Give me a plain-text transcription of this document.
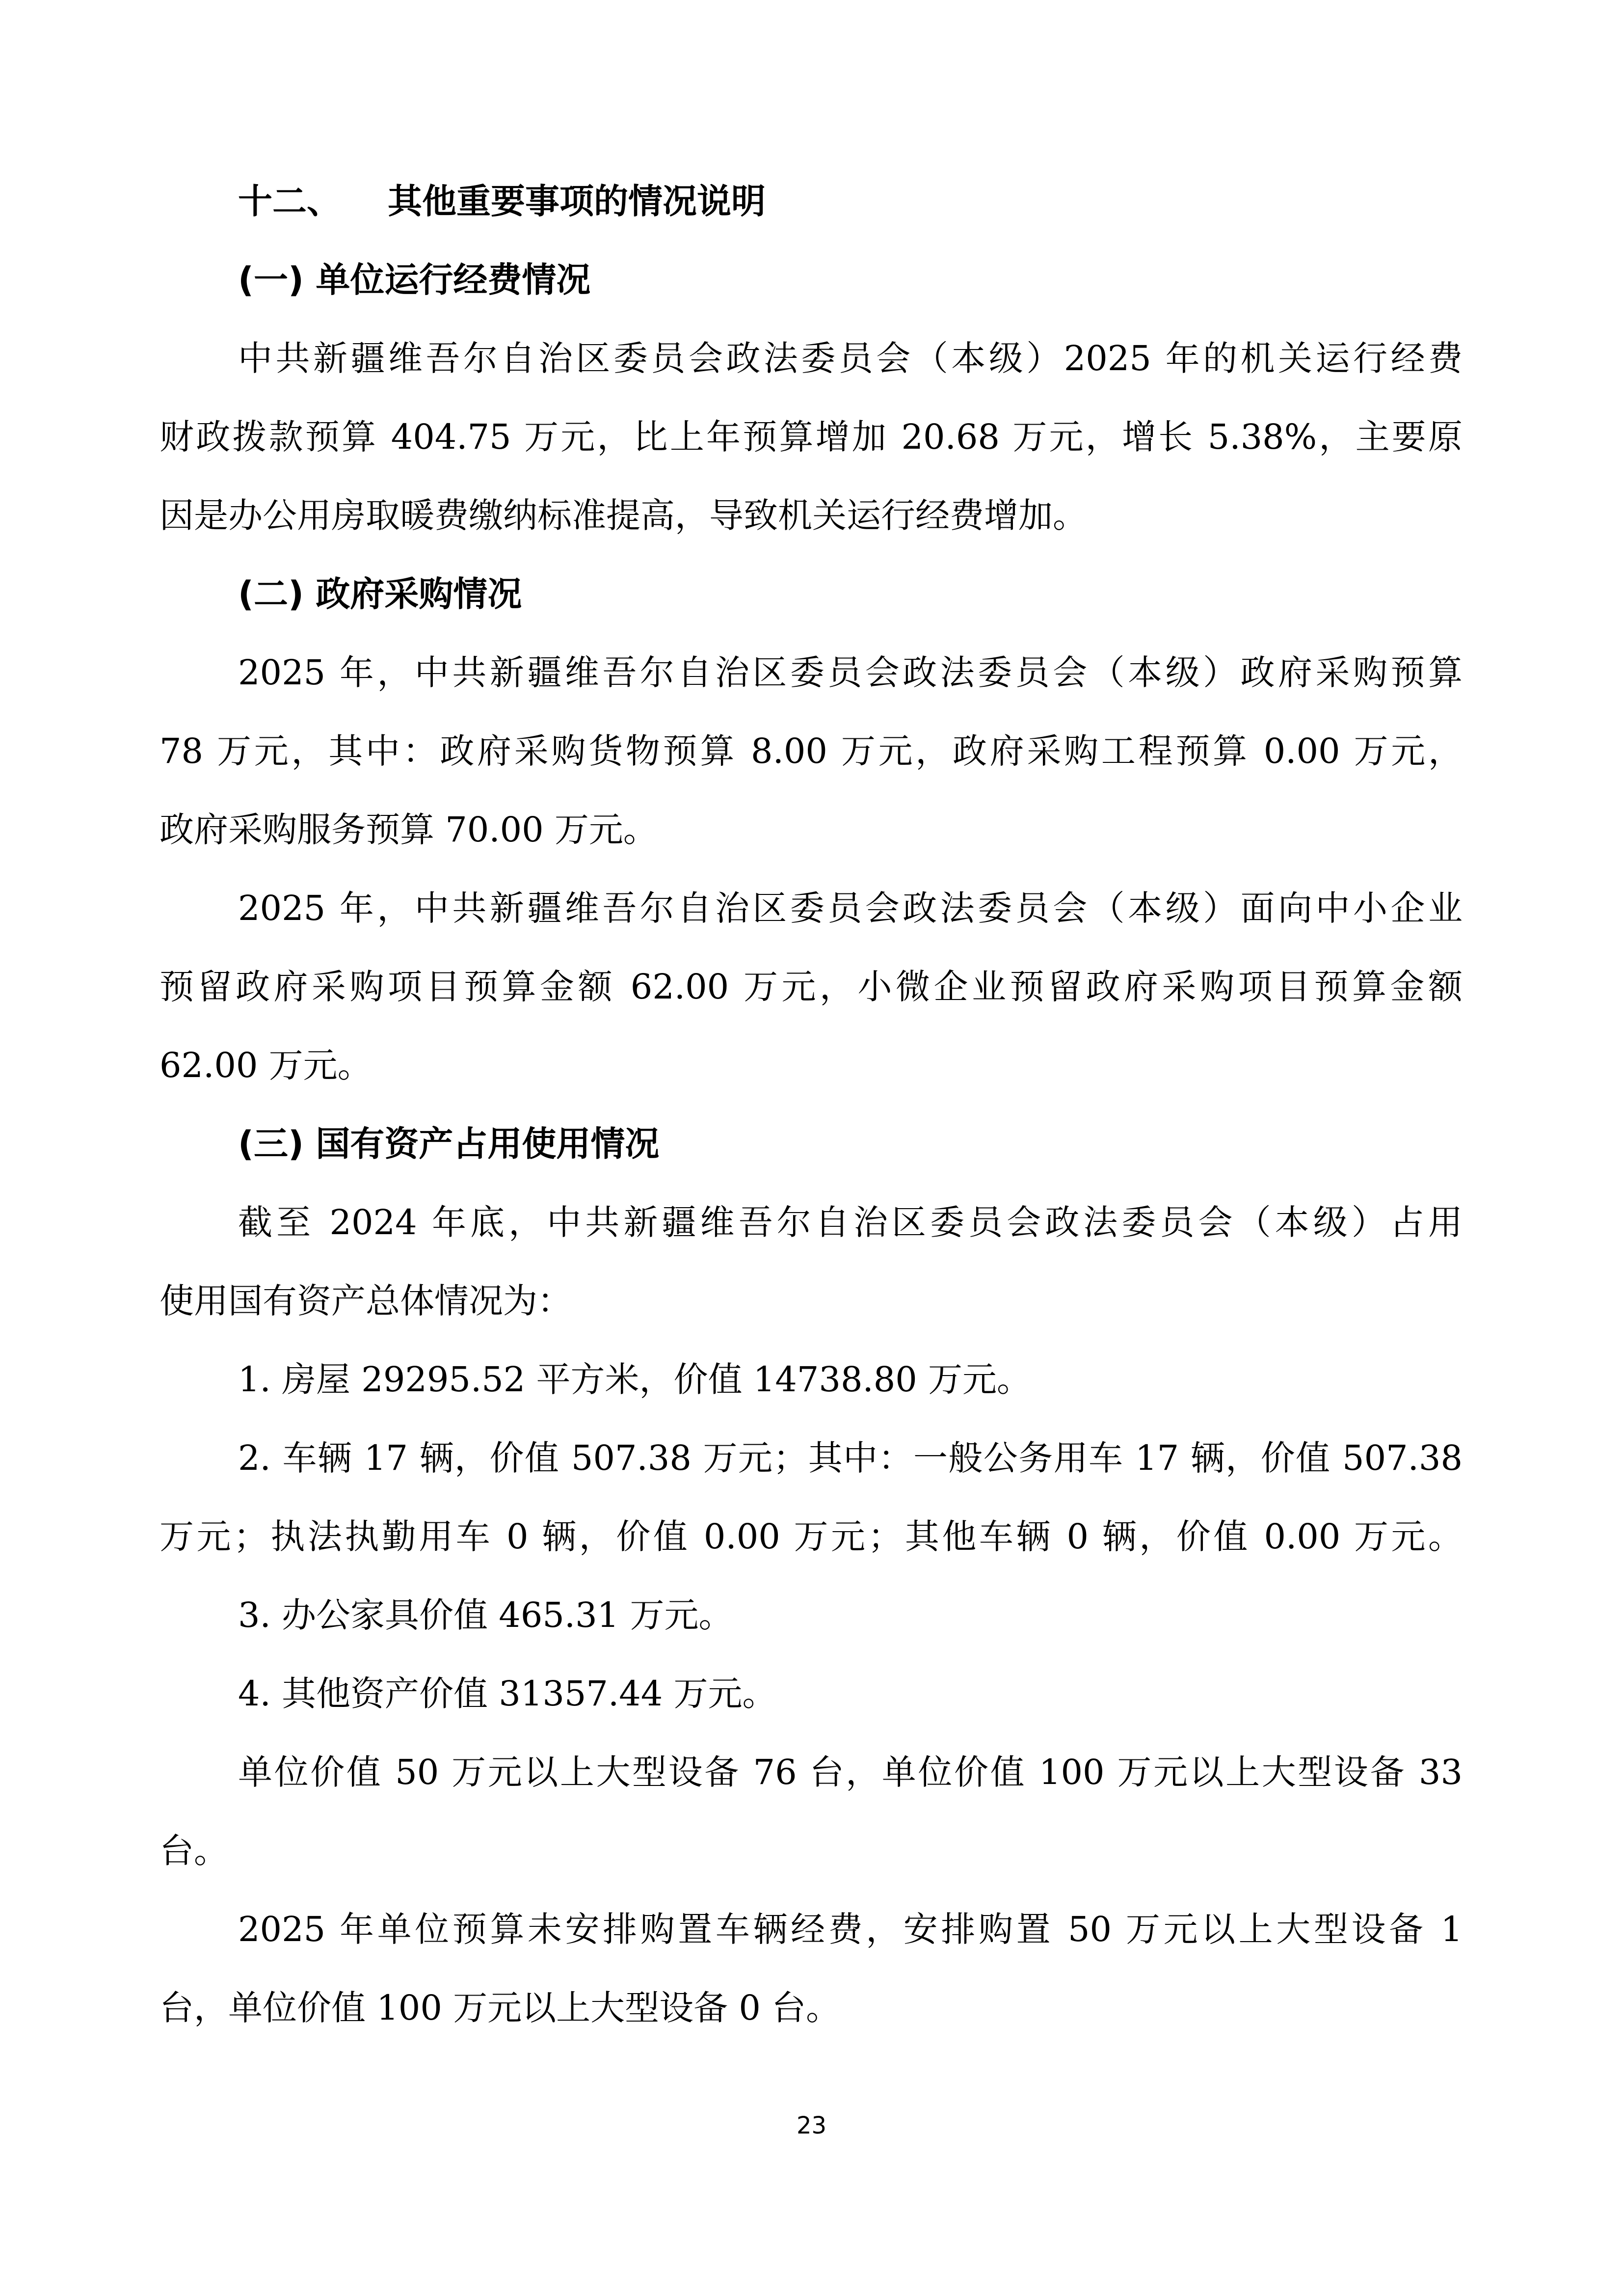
十二、 其他重要事项的情况说明
(一) 单位运行经费情况
中共新疆维吾尔自治区委员会政法委员会（本级）2025 年的机关运行经费
财政拨款预算 404.75 万元，比上年预算增加 20.68 万元，增长 5.38%，主要原
因是办公用房取暖费缴纳标准提高，导致机关运行经费增加。
(二) 政府采购情况
2025 年，中共新疆维吾尔自治区委员会政法委员会（本级）政府采购预算
78 万元，其中：政府采购货物预算 8.00 万元，政府采购工程预算 0.00 万元，
政府采购服务预算 70.00 万元。
2025 年，中共新疆维吾尔自治区委员会政法委员会（本级）面向中小企业
预留政府采购项目预算金额 62.00 万元，小微企业预留政府采购项目预算金额
62.00 万元。
(三) 国有资产占用使用情况
截至 2024 年底，中共新疆维吾尔自治区委员会政法委员会（本级）占用
使用国有资产总体情况为：
1. 房屋 29295.52 平方米，价值 14738.80 万元。
2. 车辆 17 辆，价值 507.38 万元；其中：一般公务用车 17 辆，价值 507.38
万元；执法执勤用车 0 辆，价值 0.00 万元；其他车辆 0 辆，价值 0.00 万元。
3. 办公家具价值 465.31 万元。
4. 其他资产价值 31357.44 万元。
单位价值 50 万元以上大型设备 76 台，单位价值 100 万元以上大型设备 33
台。
2025 年单位预算未安排购置车辆经费，安排购置 50 万元以上大型设备 1
台，单位价值 100 万元以上大型设备 0 台。
23
